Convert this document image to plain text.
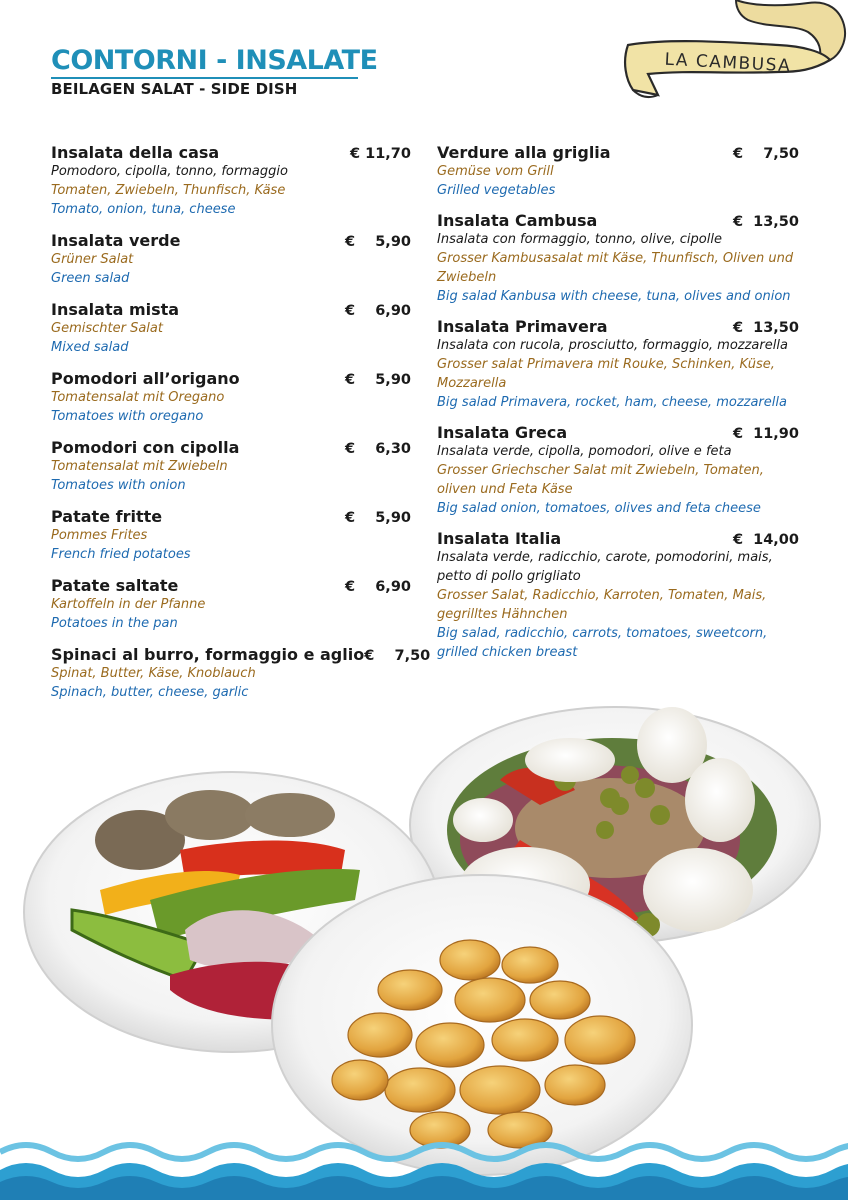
CONTORNI - INSALATE
BEILAGEN SALAT - SIDE DISH
LA CAMBUSA
Insalata della casa	€ 11,70
Pomodoro, cipolla, tonno, formaggio
Tomaten, Zwiebeln, Thunfisch, Käse
Tomato, onion, tuna, cheese
Insalata verde	€    5,90
Grüner Salat
Green salad
Insalata mista	€    6,90
Gemischter Salat
Mixed salad
Pomodori all’origano	€    5,90
Tomatensalat mit Oregano
Tomatoes with oregano
Pomodori con cipolla	€    6,30
Tomatensalat mit Zwiebeln
Tomatoes with onion
Patate fritte	€    5,90
Pommes Frites
French fried potatoes
Patate saltate	€    6,90
Kartoffeln in der Pfanne
Potatoes in the pan
Spinaci al burro, formaggio e aglio €    7,50
Spinat, Butter, Käse, Knoblauch
Spinach, butter, cheese, garlic
Verdure alla griglia	€    7,50
Gemüse vom Grill
Grilled vegetables
Insalata Cambusa	€  13,50
Insalata con formaggio, tonno, olive, cipolle
Grosser Kambusasalat mit Käse, Thunfisch, Oliven und Zwiebeln
Big salad Kanbusa with cheese, tuna, olives and onion
Insalata Primavera	€  13,50
Insalata con rucola, prosciutto, formaggio, mozzarella
Grosser salat Primavera mit Rouke, Schinken, Küse, Mozzarella
Big salad Primavera, rocket, ham, cheese, mozzarella
Insalata Greca	€  11,90
Insalata verde, cipolla, pomodori, olive e feta
Grosser Griechscher Salat mit Zwiebeln, Tomaten, oliven und Feta Käse
Big salad onion, tomatoes, olives and feta cheese
Insalata Italia	€  14,00
Insalata verde, radicchio, carote, pomodorini, mais, petto di pollo grigliato
Grosser Salat, Radicchio, Karroten, Tomaten, Mais, gegrilltes Hähnchen
Big salad, radicchio, carrots, tomatoes, sweetcorn, grilled chicken breast
